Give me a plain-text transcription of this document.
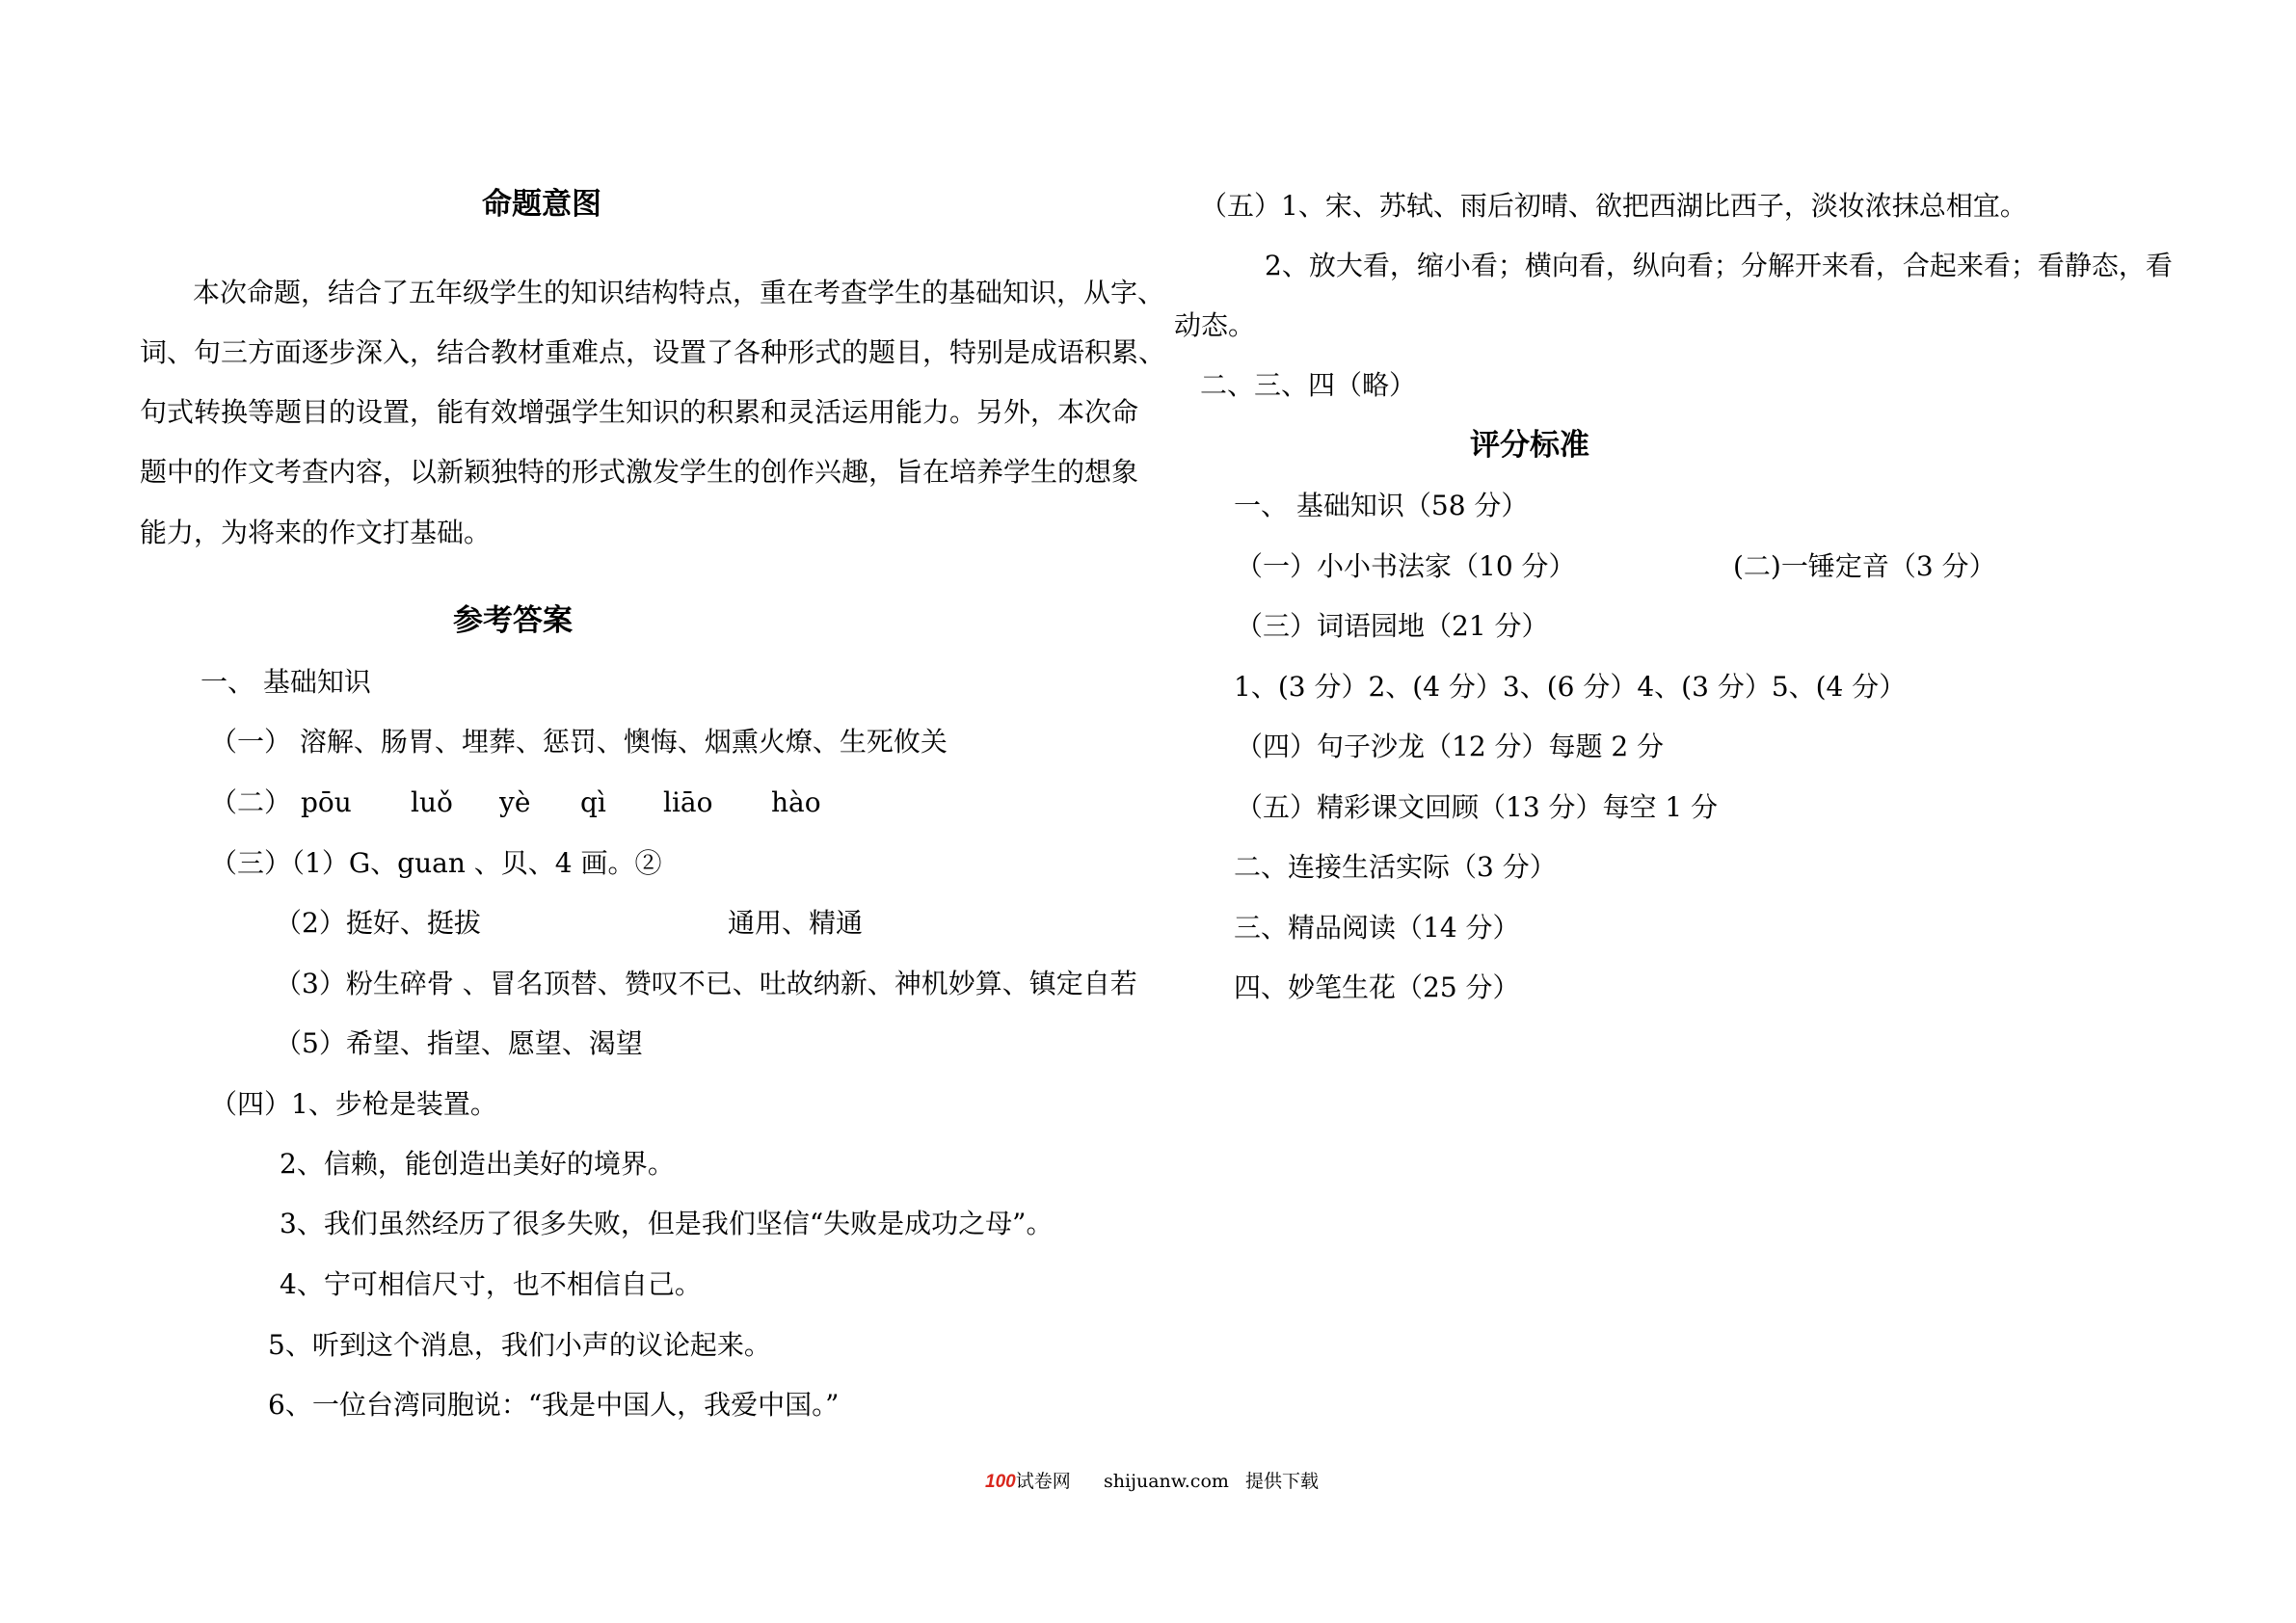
命题意图
本次命题，结合了五年级学生的知识结构特点，重在考查学生的基础知识，从字、
词、句三方面逐步深入，结合教材重难点，设置了各种形式的题目，特别是成语积累、
句式转换等题目的设置，能有效增强学生知识的积累和灵活运用能力。另外，本次命
题中的作文考查内容，以新颖独特的形式激发学生的创作兴趣，旨在培养学生的想象
能力，为将来的作文打基础。
参考答案
一、 基础知识
（一） 溶解、肠胃、埋葬、惩罚、懊悔、烟熏火燎、生死攸关
（二） pōu luǒ yè qì liāo hào
（三）（1）G、guan 、贝、4 画。②
（2）挺好、挺拔	通用、精通
（3）粉生碎骨 、冒名顶替、赞叹不已、吐故纳新、神机妙算、镇定自若
（5）希望、指望、愿望、渴望
（四）1、步枪是装置。
2、信赖，能创造出美好的境界。
3、我们虽然经历了很多失败，但是我们坚信“失败是成功之母”。
4、宁可相信尺寸，也不相信自己。
5、听到这个消息，我们小声的议论起来。
6、一位台湾同胞说：“我是中国人，我爱中国。”
（五）1、宋、苏轼、雨后初晴、欲把西湖比西子，淡妆浓抹总相宜。
2、放大看，缩小看；横向看，纵向看；分解开来看，合起来看；看静态，看
动态。
二、三、四（略）
评分标准
一、 基础知识（58 分）
（一）小小书法家（10 分）	(二)一锤定音（3 分）
（三）词语园地（21 分）
1、(3 分）2、(4 分）3、(6 分）4、(3 分）5、(4 分）
（四）句子沙龙（12 分）每题 2 分
（五）精彩课文回顾（13 分）每空 1 分
二、连接生活实际（3 分）
三、精品阅读（14 分）
四、妙笔生花（25 分）
100试卷网 shijuanw.com 提供下载
